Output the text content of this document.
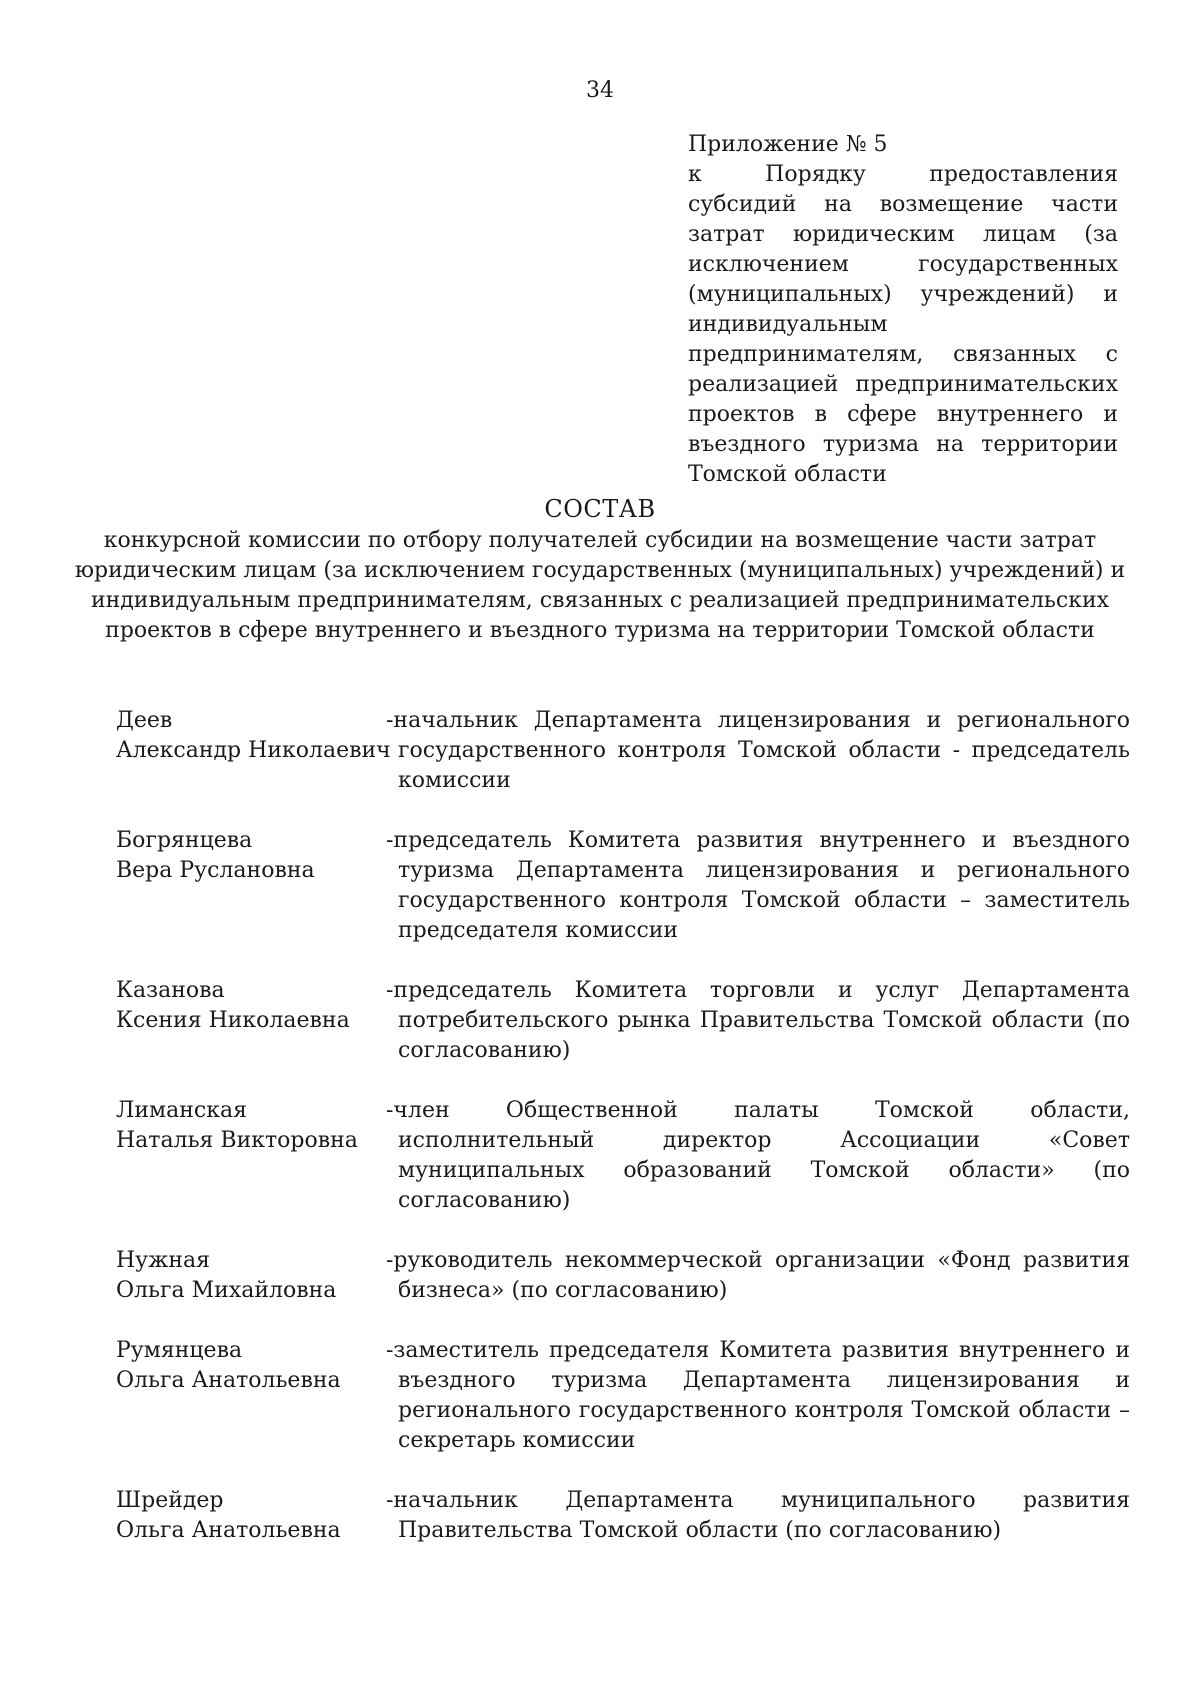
34
Приложение № 5
к Порядку предоставления субсидий на возмещение части затрат юридическим лицам (за исключением государственных (муниципальных) учреждений) и индивидуальным предпринимателям, связанных с реализацией предпринимательских проектов в сфере внутреннего и въездного туризма на территории Томской области
СОСТАВ
конкурсной комиссии по отбору получателей субсидии на возмещение части затрат юридическим лицам (за исключением государственных (муниципальных) учреждений) и индивидуальным предпринимателям, связанных с реализацией предпринимательских проектов в сфере внутреннего и въездного туризма на территории Томской области
Деев
Александр Николаевич
-начальник Департамента лицензирования и регионального государственного контроля Томской области - председатель комиссии
Богрянцева
Вера Руслановна
-председатель Комитета развития внутреннего и въездного туризма Департамента лицензирования и регионального государственного контроля Томской области – заместитель председателя комиссии
Казанова
Ксения Николаевна
-председатель Комитета торговли и услуг Департамента потребительского рынка Правительства Томской области (по согласованию)
Лиманская
Наталья Викторовна
-член Общественной палаты Томской области, исполнительный директор Ассоциации «Совет муниципальных образований Томской области» (по согласованию)
Нужная
Ольга Михайловна
-руководитель некоммерческой организации «Фонд развития бизнеса» (по согласованию)
Румянцева
Ольга Анатольевна
-заместитель председателя Комитета развития внутреннего и въездного туризма Департамента лицензирования и регионального государственного контроля Томской области – секретарь комиссии
Шрейдер
Ольга Анатольевна
-начальник Департамента муниципального развития Правительства Томской области (по согласованию)
